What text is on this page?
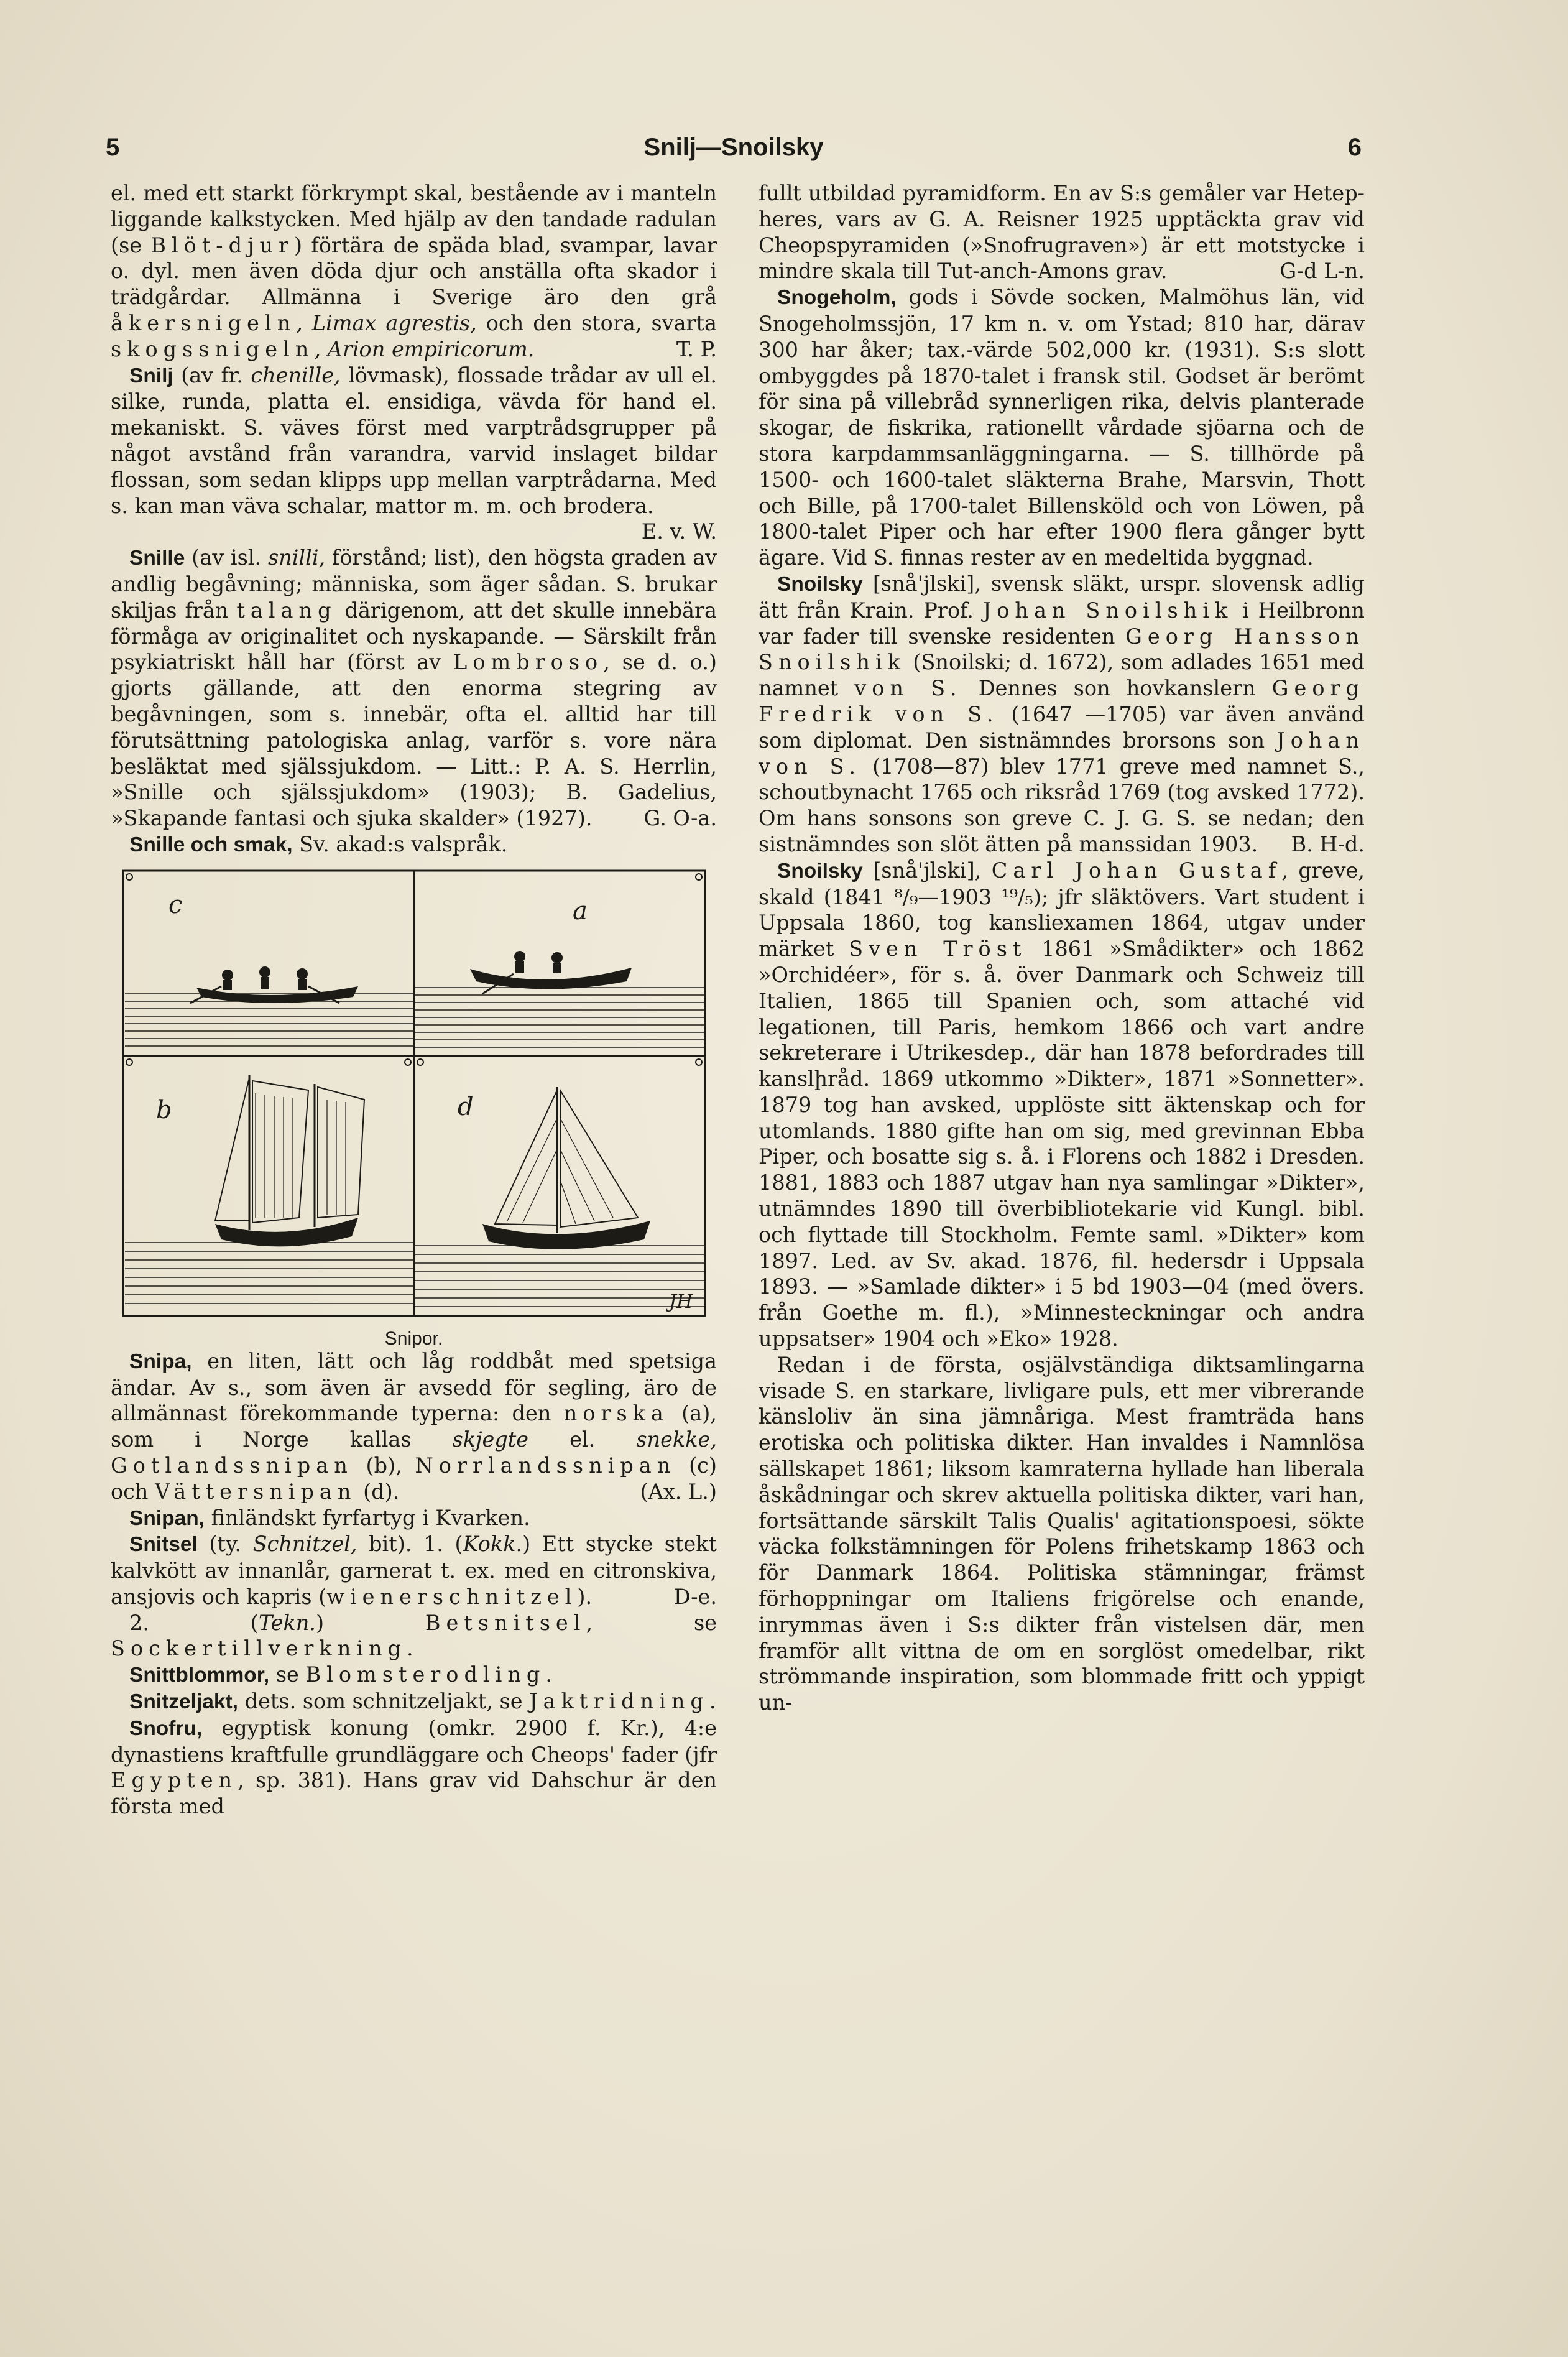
5	Snilj—Snoilsky	6

el. med ett starkt förkrympt skal, bestående av i manteln liggande kalkstycken. Med hjälp av den tandade radulan (se Blöt-djur) förtära de späda blad, svampar, lavar o. dyl. men även döda djur och anställa ofta skador i trädgårdar. Allmänna i Sverige äro den grå åkersnigeln, Limax agrestis, och den stora, svarta skogssnigeln, Arion empiricorum.	T. P.

Snilj (av fr. chenille, lövmask), flossade trådar av ull el. silke, runda, platta el. ensidiga, vävda för hand el. mekaniskt. S. väves först med varptrådsgrupper på något avstånd från varandra, varvid inslaget bildar flossan, som sedan klipps upp mellan varptrådarna. Med s. kan man väva schalar, mattor m. m. och brodera.
E. v. W.

Snille (av isl. snilli, förstånd; list), den högsta graden av andlig begåvning; människa, som äger sådan. S. brukar skiljas från talang därigenom, att det skulle innebära förmåga av originalitet och nyskapande. — Särskilt från psykiatriskt håll har (först av Lombroso, se d. o.) gjorts gällande, att den enorma stegring av begåvningen, som s. innebär, ofta el. alltid har till förutsättning patologiska anlag, varför s. vore nära besläktat med själssjukdom. — Litt.: P. A. S. Herrlin, »Snille och själssjukdom» (1903); B. Gadelius, »Skapande fantasi och sjuka skalder» (1927).	G. O-a.

Snille och smak, Sv. akad:s valspråk.

c	a
b	d
JH
Snipor.

Snipa, en liten, lätt och låg roddbåt med spetsiga ändar. Av s., som även är avsedd för segling, äro de allmännast förekommande typerna: den norska (a), som i Norge kallas skjegte el. snekke, Gotlandssnipan (b), Norrlandssnipan (c) och Vättersnipan (d).	(Ax. L.)

Snipan, finländskt fyrfartyg i Kvarken.

Snitsel (ty. Schnitzel, bit). 1. (Kokk.) Ett stycke stekt kalvkött av innanlår, garnerat t. ex. med en citronskiva, ansjovis och kapris (wienerschnitzel).	D-e.

2. (Tekn.) Betsnitsel, se Sockertillverkning.

Snittblommor, se Blomsterodling.

Snitzeljakt, dets. som schnitzeljakt, se Jaktridning.

Snofru, egyptisk konung (omkr. 2900 f. Kr.), 4:e dynastiens kraftfulle grundläggare och Cheops' fader (jfr Egypten, sp. 381). Hans grav vid Dahschur är den första med

fullt utbildad pyramidform. En av S:s gemåler var Hetep-heres, vars av G. A. Reisner 1925 upptäckta grav vid Cheopspyramiden (»Snofrugraven») är ett motstycke i mindre skala till Tut-anch-Amons grav.	G-d L-n.

Snogeholm, gods i Sövde socken, Malmöhus län, vid Snogeholmssjön, 17 km n. v. om Ystad; 810 har, därav 300 har åker; tax.-värde 502,000 kr. (1931). S:s slott ombyggdes på 1870-talet i fransk stil. Godset är berömt för sina på villebråd synnerligen rika, delvis planterade skogar, de fiskrika, rationellt vårdade sjöarna och de stora karpdammsanläggningarna. — S. tillhörde på 1500- och 1600-talet släkterna Brahe, Marsvin, Thott och Bille, på 1700-talet Billensköld och von Löwen, på 1800-talet Piper och har efter 1900 flera gånger bytt ägare. Vid S. finnas rester av en medeltida byggnad.

Snoilsky [snå'jlski], svensk släkt, urspr. slovensk adlig ätt från Krain. Prof. Johan Snoilshik i Heilbronn var fader till svenske residenten Georg Hansson Snoilshik (Snoilski; d. 1672), som adlades 1651 med namnet von S. Dennes son hovkanslern Georg Fredrik von S. (1647 —1705) var även använd som diplomat. Den sistnämndes brorsons son Johan von S. (1708—87) blev 1771 greve med namnet S., schoutbynacht 1765 och riksråd 1769 (tog avsked 1772). Om hans sonsons son greve C. J. G. S. se nedan; den sistnämndes son slöt ätten på manssidan 1903.	B. H-d.

Snoilsky [snå'jlski], Carl Johan Gustaf, greve, skald (1841 ⁸/₉—1903 ¹⁹/₅); jfr släktövers. Vart student i Uppsala 1860, tog kansliexamen 1864, utgav under märket Sven Tröst 1861 »Smådikter» och 1862 »Orchidéer», för s. å. över Danmark och Schweiz till Italien, 1865 till Spanien och, som attaché vid legationen, till Paris, hemkom 1866 och vart andre sekreterare i Utrikesdep., där han 1878 befordrades till kanslիråd. 1869 utkommo »Dikter», 1871 »Sonnetter». 1879 tog han avsked, upplöste sitt äktenskap och for utomlands. 1880 gifte han om sig, med grevinnan Ebba Piper, och bosatte sig s. å. i Florens och 1882 i Dresden. 1881, 1883 och 1887 utgav han nya samlingar »Dikter», utnämndes 1890 till överbibliotekarie vid Kungl. bibl. och flyttade till Stockholm. Femte saml. »Dikter» kom 1897. Led. av Sv. akad. 1876, fil. hedersdr i Uppsala 1893. — »Samlade dikter» i 5 bd 1903—04 (med övers. från Goethe m. fl.), »Minnesteckningar och andra uppsatser» 1904 och »Eko» 1928.

Redan i de första, osjälvständiga diktsamlingarna visade S. en starkare, livligare puls, ett mer vibrerande känsloliv än sina jämnåriga. Mest framträda hans erotiska och politiska dikter. Han invaldes i Namnlösa sällskapet 1861; liksom kamraterna hyllade han liberala åskådningar och skrev aktuella politiska dikter, vari han, fortsättande särskilt Talis Qualis' agitationspoesi, sökte väcka folkstämningen för Polens frihetskamp 1863 och för Danmark 1864. Politiska stämningar, främst förhoppningar om Italiens frigörelse och enande, inrymmas även i S:s dikter från vistelsen där, men framför allt vittna de om en sorglöst omedelbar, rikt strömmande inspiration, som blommade fritt och yppigt un-
